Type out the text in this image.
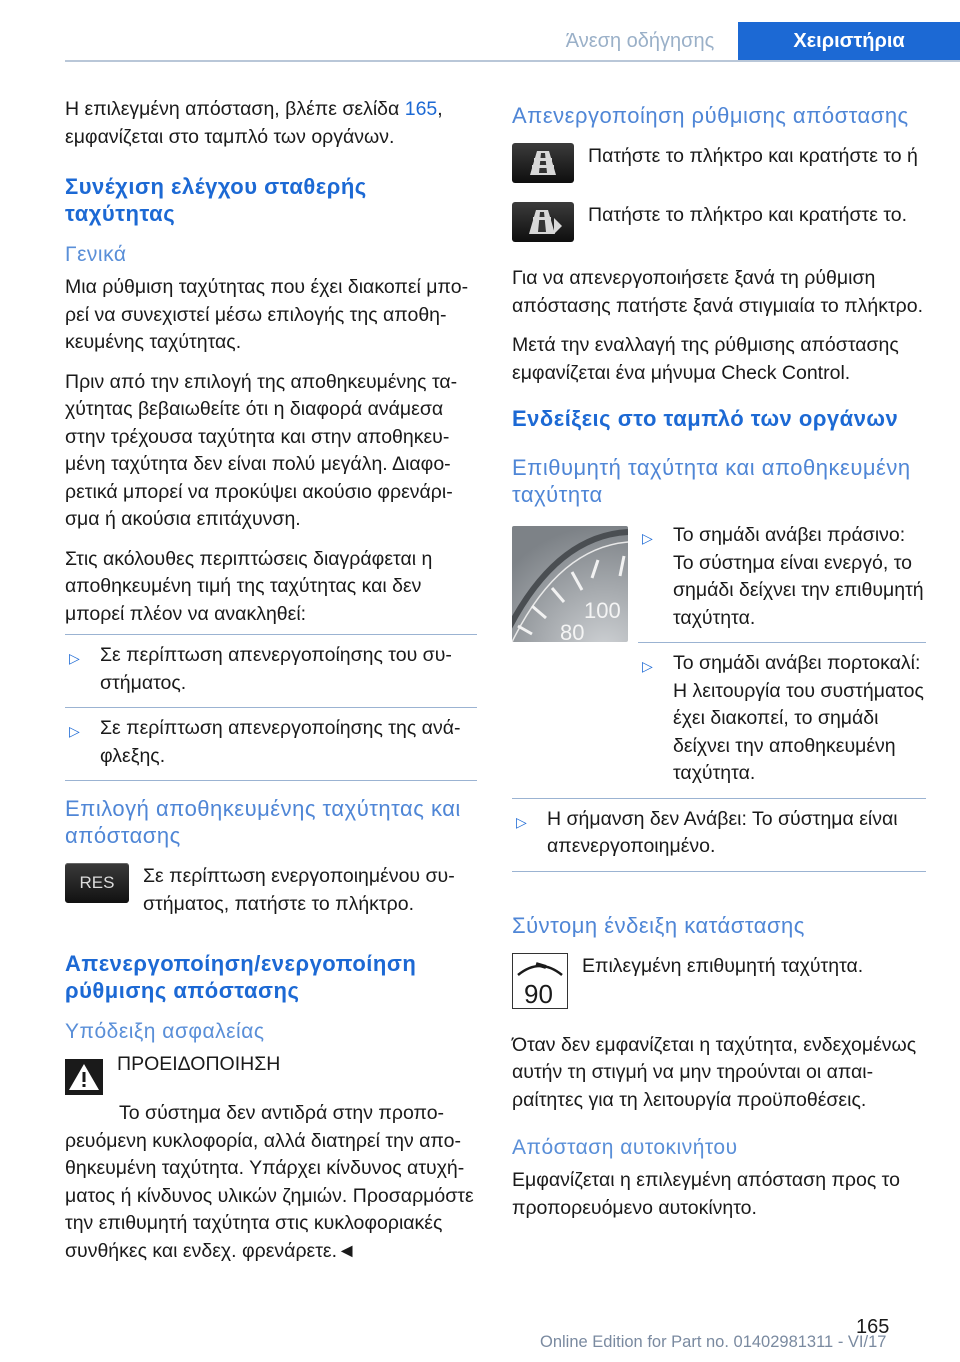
Άνεση οδήγησης	Χειριστήρια

Η επιλεγμένη απόσταση, βλέπε σελίδα 165, εμφανίζεται στο ταμπλό των οργάνων.

Συνέχιση ελέγχου σταθερής ταχύτητας
Γενικά

Μια ρύθμιση ταχύτητας που έχει διακοπεί μπορεί να συνεχιστεί μέσω επιλογής της αποθηκευμένης ταχύτητας.

Πριν από την επιλογή της αποθηκευμένης ταχύτητας βεβαιωθείτε ότι η διαφορά ανάμεσα στην τρέχουσα ταχύτητα και στην αποθηκευμένη ταχύτητα δεν είναι πολύ μεγάλη. Διαφορετικά μπορεί να προκύψει ακούσιο φρενάρισμα ή ακούσια επιτάχυνση.

Στις ακόλουθες περιπτώσεις διαγράφεται η αποθηκευμένη τιμή της ταχύτητας και δεν μπορεί πλέον να ανακληθεί:

▷ Σε περίπτωση απενεργοποίησης του συστήματος.
▷ Σε περίπτωση απενεργοποίησης της ανάφλεξης.
Επιλογή αποθηκευμένης ταχύτητας και απόστασης
RES	Σε περίπτωση ενεργοποιημένου συστήματος, πατήστε το πλήκτρο.

Απενεργοποίηση/ενεργοποίηση ρύθμισης απόστασης
Υπόδειξη ασφαλείας

ΠΡΟΕΙΔΟΠΟΙΗΣΗ

Το σύστημα δεν αντιδρά στην προπορευόμενη κυκλοφορία, αλλά διατηρεί την αποθηκευμένη ταχύτητα. Υπάρχει κίνδυνος ατυχήματος ή κίνδυνος υλικών ζημιών. Προσαρμόστε την επιθυμητή ταχύτητα στις κυκλοφοριακές συνθήκες και ενδεχ. φρενάρετε.◄

Απενεργοποίηση ρύθμισης απόστασης

Πατήστε το πλήκτρο και κρατήστε το ή

Πατήστε το πλήκτρο και κρατήστε το.

Για να απενεργοποιήσετε ξανά τη ρύθμιση απόστασης πατήστε ξανά στιγμιαία το πλήκτρο.

Μετά την εναλλαγή της ρύθμισης απόστασης εμφανίζεται ένα μήνυμα Check Control.

Ενδείξεις στο ταμπλό των οργάνων
Επιθυμητή ταχύτητα και αποθηκευμένη ταχύτητα
100
80
▷ Το σημάδι ανάβει πράσινο: Το σύστημα είναι ενεργό, το σημάδι δείχνει την επιθυμητή ταχύτητα.
▷ Το σημάδι ανάβει πορτοκαλί: Η λειτουργία του συστήματος έχει διακοπεί, το σημάδι δείχνει την αποθηκευμένη ταχύτητα.
▷ Η σήμανση δεν Ανάβει: Το σύστημα είναι απενεργοποιημένο.
Σύντομη ένδειξη κατάστασης
90

Επιλεγμένη επιθυμητή ταχύτητα.

Όταν δεν εμφανίζεται η ταχύτητα, ενδεχομένως αυτήν τη στιγμή να μην τηρούνται οι απαιραίτητες για τη λειτουργία προϋποθέσεις.

Απόσταση αυτοκινήτου

Εμφανίζεται η επιλεγμένη απόσταση προς το προπορευόμενο αυτοκίνητο.

165
Online Edition for Part no. 01402981311 - VI/17
